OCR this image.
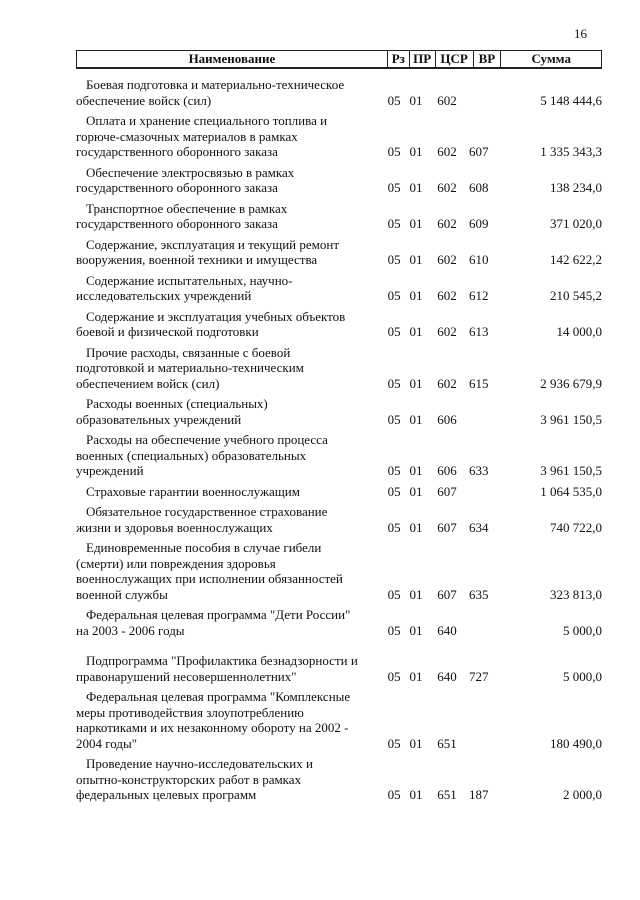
16
Наименование	Рз ПР ЦСР ВР	Сумма
Боевая подготовка и материально-техническое
обеспечение войск (сил)	05 01	602	5 148 444,6
Оплата и хранение специального топлива и
горюче-смазочных материалов в рамках
государственного оборонного заказа	05 01	602 607	1 335 343,3
Обеспечение электросвязью в рамках
государственного оборонного заказа	05 01	602 608	138 234,0
Транспортное обеспечение в рамках
государственного оборонного заказа	05 01	602 609	371 020,0
Содержание, эксплуатация и текущий ремонт
вооружения, военной техники и имущества	05 01	602 610	142 622,2
Содержание испытательных, научно-
исследовательских учреждений	05 01	602 612	210 545,2
Содержание и эксплуатация учебных объектов
боевой и физической подготовки	05 01	602 613	14 000,0
Прочие расходы, связанные с боевой
подготовкой и материально-техническим
обеспечением войск (сил)	05 01	602 615	2 936 679,9
Расходы военных (специальных)
образовательных учреждений	05 01	606	3 961 150,5
Расходы на обеспечение учебного процесса
военных (специальных) образовательных
учреждений	05 01	606 633	3 961 150,5
Страховые гарантии военнослужащим	05 01	607	1 064 535,0
Обязательное государственное страхование
жизни и здоровья военнослужащих	05 01	607 634	740 722,0
Единовременные пособия в случае гибели
(смерти) или повреждения здоровья
военнослужащих при исполнении обязанностей
военной службы	05 01	607 635	323 813,0
Федеральная целевая программа "Дети России"
на 2003 - 2006 годы	05 01	640	5 000,0
Подпрограмма "Профилактика безнадзорности и
правонарушений несовершеннолетних"	05 01	640 727	5 000,0
Федеральная целевая программа "Комплексные
меры противодействия злоупотреблению
наркотиками и их незаконному обороту на 2002 -
2004 годы"	05 01	651	180 490,0
Проведение научно-исследовательских и
опытно-конструкторских работ в рамках
федеральных целевых программ	05 01	651 187	2 000,0
